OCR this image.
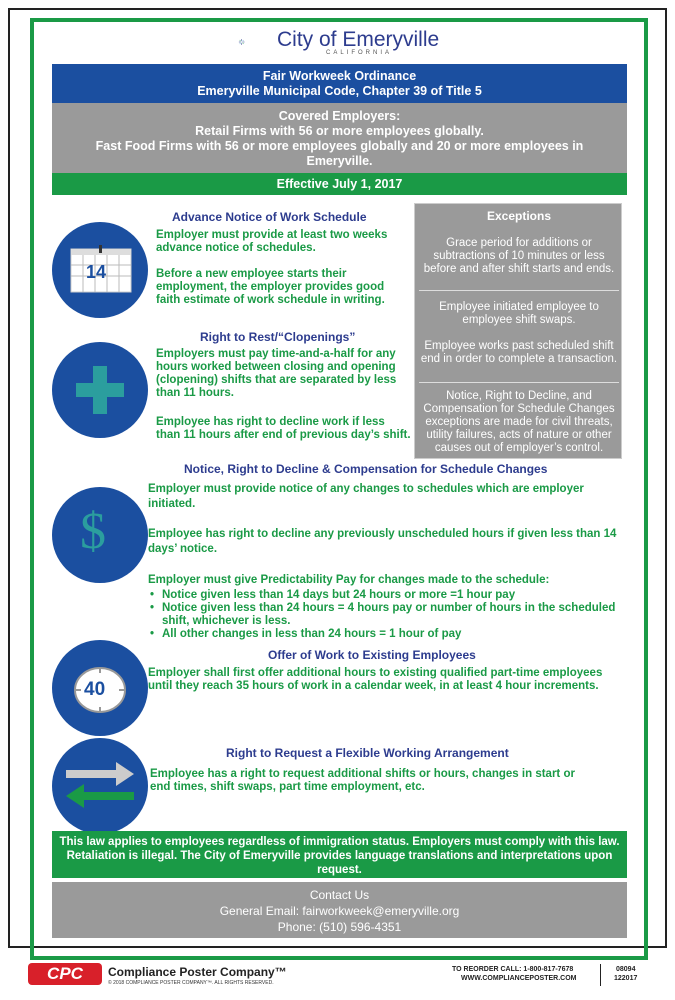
City of Emeryville
CALIFORNIA
Fair Workweek Ordinance
Emeryville Municipal Code, Chapter 39 of Title 5
Covered Employers:
Retail Firms with 56 or more employees globally.
Fast Food Firms with 56 or more employees globally and 20 or more employees in Emeryville.
Effective July 1, 2017
Advance Notice of Work Schedule
14
Employer must provide at least two weeks advance notice of schedules.
Before a new employee starts their employment, the employer provides good faith estimate of work schedule in writing.
Right to Rest/“Clopenings”
Employers must pay time-and-a-half for any hours worked between closing and opening (clopening) shifts that are separated by less than 11 hours.
Employee has right to decline work if less than 11 hours after end of previous day’s shift.
Exceptions
Grace period for additions or subtractions of 10 minutes or less before and after shift starts and ends.
Employee initiated employee to employee shift swaps.
Employee works past scheduled shift end in order to complete a transaction.
Notice, Right to Decline, and Compensation for Schedule Changes exceptions are made for civil threats, utility failures, acts of nature or other causes out of employer’s control.
Notice, Right to Decline & Compensation for Schedule Changes
$
Employer must provide notice of any changes to schedules which are employer initiated.
Employee has right to decline any previously unscheduled hours if given less than 14 days’ notice.
Employer must give Predictability Pay for changes made to the schedule:
• Notice given less than 14 days but 24 hours or more =1 hour pay
• Notice given less than 24 hours = 4 hours pay or number of hours in the scheduled shift, whichever is less.
• All other changes in less than 24 hours = 1 hour of pay
Offer of Work to Existing Employees
40
Employer shall first offer additional hours to existing qualified part-time employees until they reach 35 hours of work in a calendar week, in at least 4 hour increments.
Right to Request a Flexible Working Arrangement
Employee has a right to request additional shifts or hours, changes in start or end times, shift swaps, part time employment, etc.
This law applies to employees regardless of immigration status. Employers must comply with this law. Retaliation is illegal. The City of Emeryville provides language translations and interpretations upon request.
Contact Us
General Email: fairworkweek@emeryville.org
Phone: (510) 596-4351
CPC	Compliance Poster Company™
© 2018 COMPLIANCE POSTER COMPANY™. ALL RIGHTS RESERVED.
TO REORDER CALL: 1-800-817-7678
WWW.COMPLIANCEPOSTER.COM
08094
122017
